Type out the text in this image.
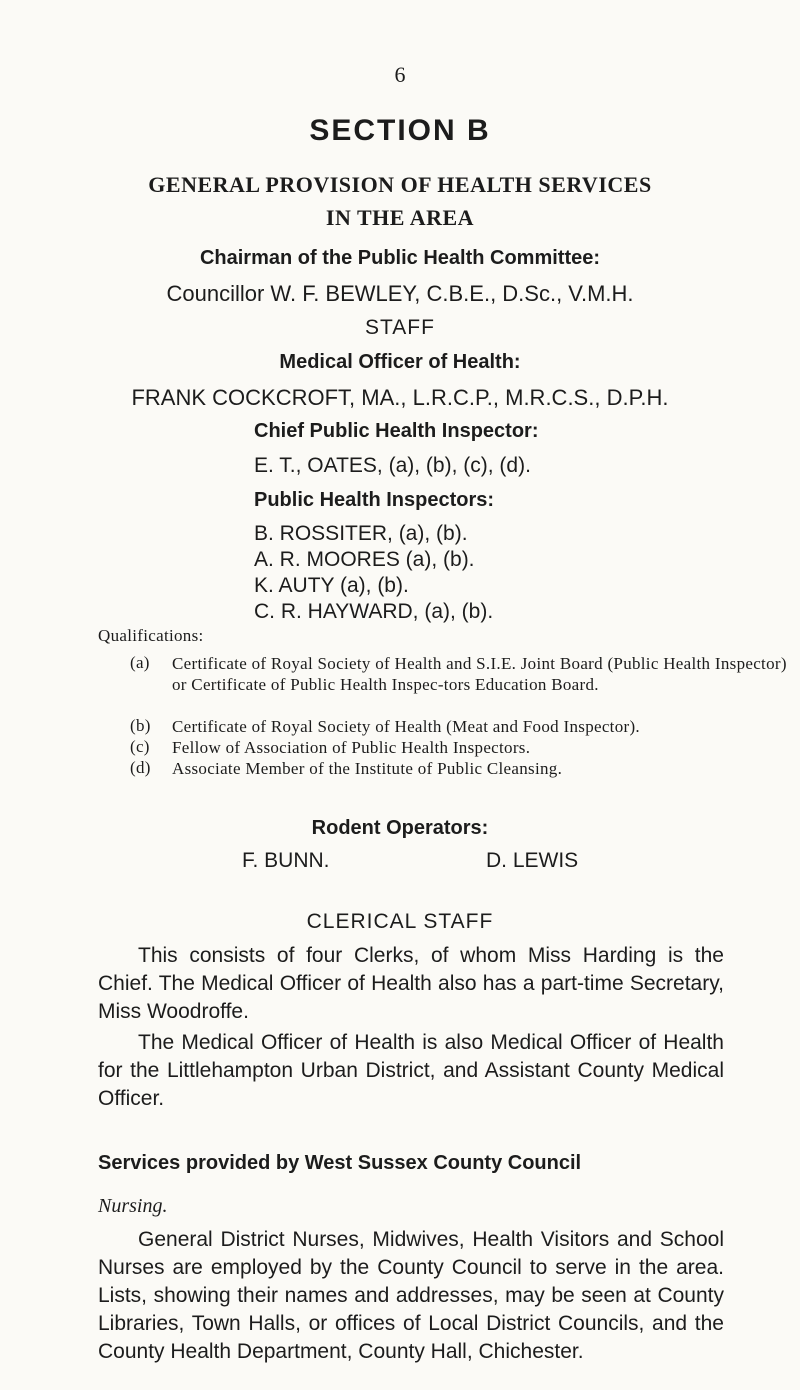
6
SECTION B
GENERAL PROVISION OF HEALTH SERVICES
IN THE AREA
Chairman of the Public Health Committee:
Councillor W. F. BEWLEY, C.B.E., D.Sc., V.M.H.
STAFF
Medical Officer of Health:
FRANK COCKCROFT, MA., L.R.C.P., M.R.C.S., D.P.H.
Chief Public Health Inspector:
E. T., OATES, (a), (b), (c), (d).
Public Health Inspectors:
B. ROSSITER, (a), (b).
A. R. MOORES (a), (b).
K. AUTY (a), (b).
C. R. HAYWARD, (a), (b).
Qualifications:
(a) Certificate of Royal Society of Health and S.I.E. Joint Board (Public Health Inspector) or Certificate of Public Health Inspec-tors Education Board.
(b) Certificate of Royal Society of Health (Meat and Food Inspector).
(c) Fellow of Association of Public Health Inspectors.
(d) Associate Member of the Institute of Public Cleansing.
Rodent Operators:
F. BUNN.	D. LEWIS
CLERICAL STAFF
This consists of four Clerks, of whom Miss Harding is the Chief. The Medical Officer of Health also has a part-time Secretary, Miss Woodroffe.
The Medical Officer of Health is also Medical Officer of Health for the Littlehampton Urban District, and Assistant County Medical Officer.
Services provided by West Sussex County Council
Nursing.
General District Nurses, Midwives, Health Visitors and School Nurses are employed by the County Council to serve in the area. Lists, showing their names and addresses, may be seen at County Libraries, Town Halls, or offices of Local District Councils, and the County Health Department, County Hall, Chichester.
